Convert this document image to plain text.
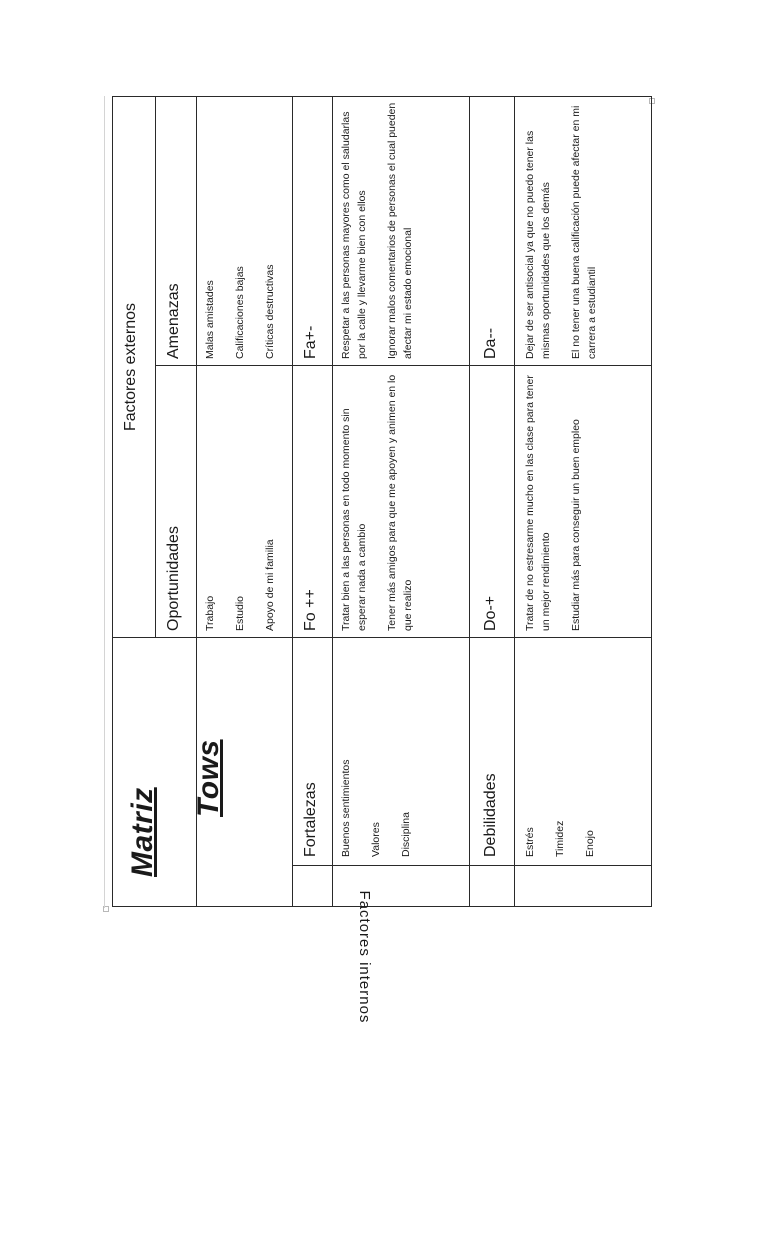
Matriz
Tows
Factores externos
Oportunidades
Amenazas

Trabajo Estudio Apoyo de mi familia

Malas amistades Calificaciones bajas Críticas destructivas

Factores internos
Fortalezas
Fo ++
Fa+-

Buenos sentimientos Valores Disciplina

Tratar bien a las personas en todo momento sin esperar nada a cambio Tener más amigos para que me apoyen y animen en lo que realizo

Respetar a las personas mayores como el saludarlas por la calle y llevarme bien con ellos Ignorar malos comentarios de personas el cual pueden afectar mi estado emocional

Debilidades
Do-+
Da--

Estrés Timidez Enojo

Tratar de no estresarme mucho en las clase para tener un mejor rendimiento Estudiar más para conseguir un buen empleo

Dejar de ser antisocial ya que no puedo tener las mismas oportunidades que los demás El no tener una buena calificación puede afectar en mi carrera a estudiantil
